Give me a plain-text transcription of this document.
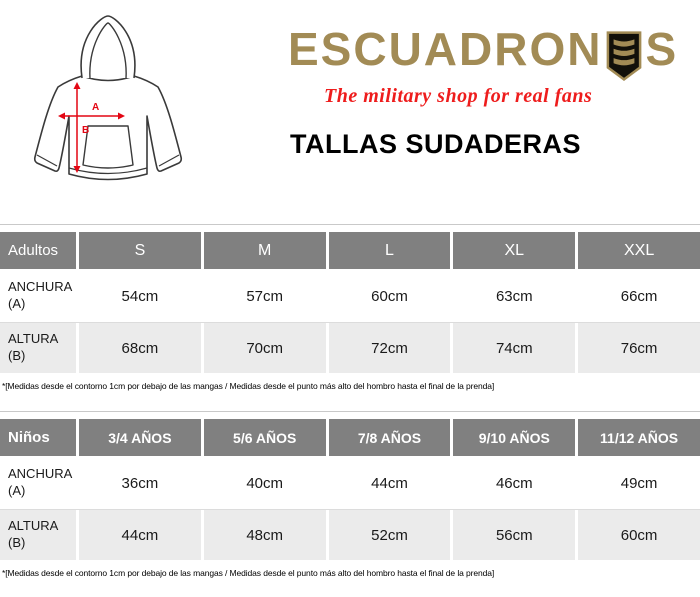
A
B
ESCUADRON S
The military shop for real fans
TALLAS SUDADERAS
Adultos	S	M	L	XL	XXL
ANCHURA
(A)	54cm	57cm	60cm	63cm	66cm
ALTURA
(B)	68cm	70cm	72cm	74cm	76cm
*[Medidas desde el contorno 1cm por debajo de las mangas / Medidas desde el punto más alto del hombro hasta el final de la prenda]
Niños	3/4 AÑOS	5/6 AÑOS	7/8 AÑOS	9/10 AÑOS	11/12 AÑOS
ANCHURA
(A)	36cm	40cm	44cm	46cm	49cm
ALTURA
(B)	44cm	48cm	52cm	56cm	60cm
*[Medidas desde el contorno 1cm por debajo de las mangas / Medidas desde el punto más alto del hombro hasta el final de la prenda]
